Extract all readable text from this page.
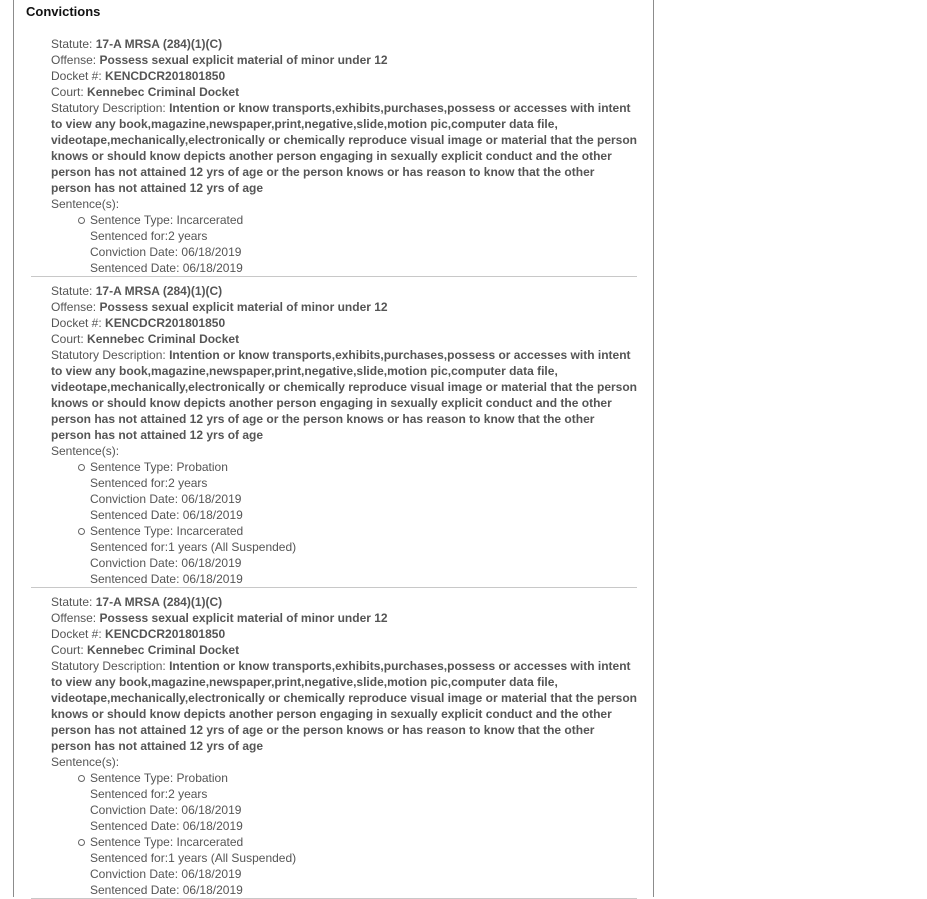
Convictions
Statute: 17-A MRSA (284)(1)(C)
Offense: Possess sexual explicit material of minor under 12
Docket #: KENCDCR201801850
Court: Kennebec Criminal Docket
Statutory Description: Intention or know transports,exhibits,purchases,possess or accesses with intent to view any book,magazine,newspaper,print,negative,slide,motion pic,computer data file, videotape,mechanically,electronically or chemically reproduce visual image or material that the person knows or should know depicts another person engaging in sexually explicit conduct and the other person has not attained 12 yrs of age or the person knows or has reason to know that the other person has not attained 12 yrs of age
Sentence(s):
Sentence Type: Incarcerated
Sentenced for:2 years
Conviction Date: 06/18/2019
Sentenced Date: 06/18/2019
Statute: 17-A MRSA (284)(1)(C)
Offense: Possess sexual explicit material of minor under 12
Docket #: KENCDCR201801850
Court: Kennebec Criminal Docket
Statutory Description: Intention or know transports,exhibits,purchases,possess or accesses with intent to view any book,magazine,newspaper,print,negative,slide,motion pic,computer data file, videotape,mechanically,electronically or chemically reproduce visual image or material that the person knows or should know depicts another person engaging in sexually explicit conduct and the other person has not attained 12 yrs of age or the person knows or has reason to know that the other person has not attained 12 yrs of age
Sentence(s):
Sentence Type: Probation
Sentenced for:2 years
Conviction Date: 06/18/2019
Sentenced Date: 06/18/2019
Sentence Type: Incarcerated
Sentenced for:1 years (All Suspended)
Conviction Date: 06/18/2019
Sentenced Date: 06/18/2019
Statute: 17-A MRSA (284)(1)(C)
Offense: Possess sexual explicit material of minor under 12
Docket #: KENCDCR201801850
Court: Kennebec Criminal Docket
Statutory Description: Intention or know transports,exhibits,purchases,possess or accesses with intent to view any book,magazine,newspaper,print,negative,slide,motion pic,computer data file, videotape,mechanically,electronically or chemically reproduce visual image or material that the person knows or should know depicts another person engaging in sexually explicit conduct and the other person has not attained 12 yrs of age or the person knows or has reason to know that the other person has not attained 12 yrs of age
Sentence(s):
Sentence Type: Probation
Sentenced for:2 years
Conviction Date: 06/18/2019
Sentenced Date: 06/18/2019
Sentence Type: Incarcerated
Sentenced for:1 years (All Suspended)
Conviction Date: 06/18/2019
Sentenced Date: 06/18/2019
